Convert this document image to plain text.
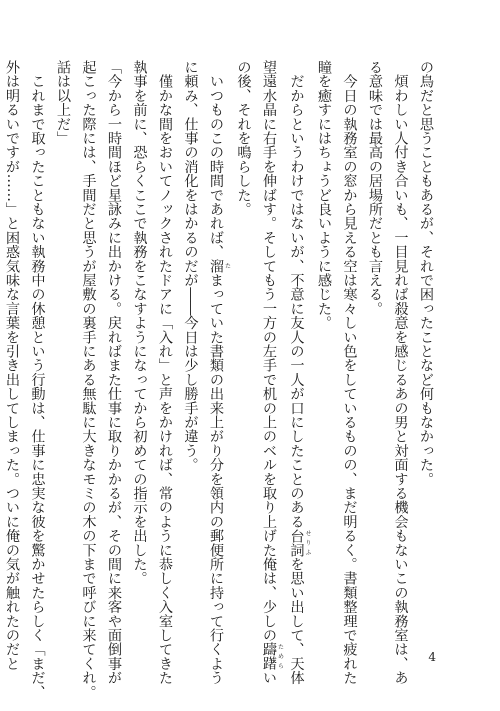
の鳥だと思うこともあるが、それで困ったことなど何もなかった。
　煩わしい人付き合いも、一目見れば殺意を感じるあの男と対面する機会もないこの執務室は、あ
る意味では最高の居場所だとも言える。
　今日の執務室の窓から見える空は寒々しい色をしているものの、まだ明るく。書類整理で疲れた
瞳を癒すにはちょうど良いように感じた。
　だからというわけではないが、不意に友人の一人が口にしたことのある台詞 せりふを思い出して、天体
望遠水晶に右手を伸ばす。そしてもう一方の左手で机の上のベルを取り上げた俺は、少しの躊躇 ためらい
の後、それを鳴らした。
　いつものこの時間であれば、溜 たまっていた書類の出来上がり分を領内の郵便所に持って行くよう
に頼み、仕事の消化をはかるのだが――今日は少し勝手が違う。
　僅かな間をおいてノックされたドアに「入れ」と声をかければ、常のように恭しく入室してきた
執事を前に、恐らくここで執務をこなすようになってから初めての指示を出した。
「今から一時間ほど星詠みに出かける。戻ればまた仕事に取りかかるが、その間に来客や面倒事が
起こった際には、手間だと思うが屋敷の裏手にある無駄に大きなモミの木の下まで呼びに来てくれ。
話は以上だ」
　これまで取ったこともない執務中の休憩という行動は、仕事に忠実な彼を驚かせたらしく「まだ、
外は明るいですが……」と困惑気味な言葉を引き出してしまった。ついに俺の気が触れたのだと	4
